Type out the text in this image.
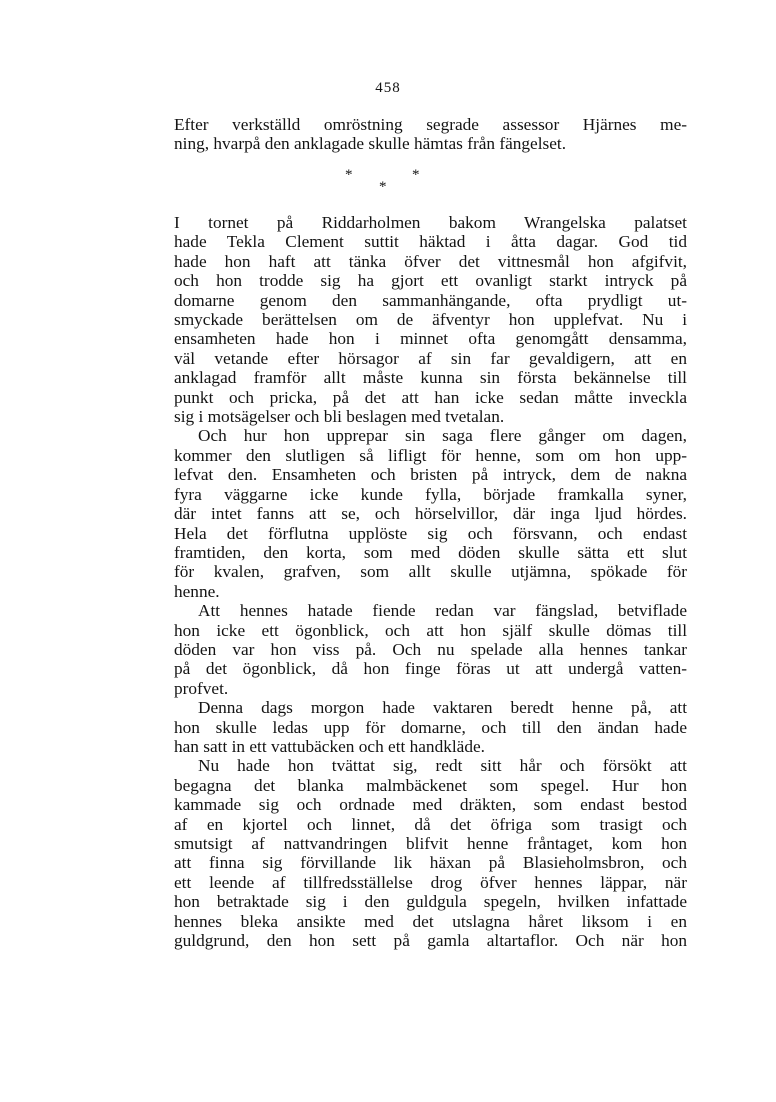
458

Efter verkställd omröstning segrade assessor Hjärnes me-
ning, hvarpå den anklagade skulle hämtas från fängelset.

*
*
*

I tornet på Riddarholmen bakom Wrangelska palatset
hade Tekla Clement suttit häktad i åtta dagar. God tid
hade hon haft att tänka öfver det vittnesmål hon afgifvit,
och hon trodde sig ha gjort ett ovanligt starkt intryck på
domarne genom den sammanhängande, ofta prydligt ut-
smyckade berättelsen om de äfventyr hon upplefvat. Nu i
ensamheten hade hon i minnet ofta genomgått densamma,
väl vetande efter hörsagor af sin far gevaldigern, att en
anklagad framför allt måste kunna sin första bekännelse till
punkt och pricka, på det att han icke sedan måtte inveckla
sig i motsägelser och bli beslagen med tvetalan.

Och hur hon upprepar sin saga flere gånger om dagen,
kommer den slutligen så lifligt för henne, som om hon upp-
lefvat den. Ensamheten och bristen på intryck, dem de nakna
fyra väggarne icke kunde fylla, började framkalla syner,
där intet fanns att se, och hörselvillor, där inga ljud hördes.
Hela det förflutna upplöste sig och försvann, och endast
framtiden, den korta, som med döden skulle sätta ett slut
för kvalen, grafven, som allt skulle utjämna, spökade för
henne.

Att hennes hatade fiende redan var fängslad, betviflade
hon icke ett ögonblick, och att hon själf skulle dömas till
döden var hon viss på. Och nu spelade alla hennes tankar
på det ögonblick, då hon finge föras ut att undergå vatten-
profvet.

Denna dags morgon hade vaktaren beredt henne på, att
hon skulle ledas upp för domarne, och till den ändan hade
han satt in ett vattubäcken och ett handkläde.

Nu hade hon tvättat sig, redt sitt hår och försökt att
begagna det blanka malmbäckenet som spegel. Hur hon
kammade sig och ordnade med dräkten, som endast bestod
af en kjortel och linnet, då det öfriga som trasigt och
smutsigt af nattvandringen blifvit henne fråntaget, kom hon
att finna sig förvillande lik häxan på Blasieholmsbron, och
ett leende af tillfredsställelse drog öfver hennes läppar, när
hon betraktade sig i den guldgula spegeln, hvilken infattade
hennes bleka ansikte med det utslagna håret liksom i en
guldgrund, den hon sett på gamla altartaflor. Och när hon
